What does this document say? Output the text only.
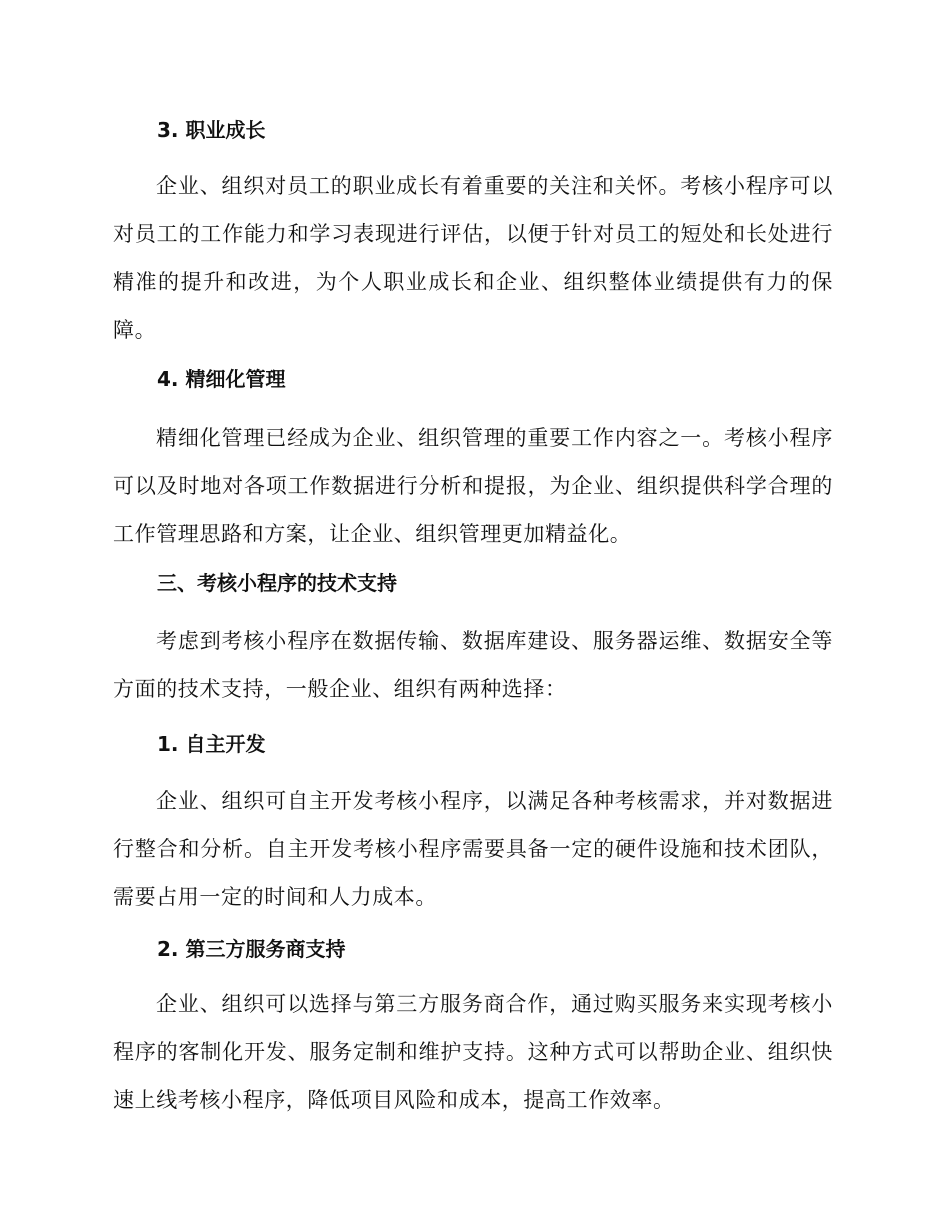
3. 职业成长

企业、组织对员工的职业成长有着重要的关注和关怀。考核小程序可以对员工的工作能力和学习表现进行评估，以便于针对员工的短处和长处进行精准的提升和改进，为个人职业成长和企业、组织整体业绩提供有力的保障。

4. 精细化管理

精细化管理已经成为企业、组织管理的重要工作内容之一。考核小程序可以及时地对各项工作数据进行分析和提报，为企业、组织提供科学合理的工作管理思路和方案，让企业、组织管理更加精益化。

三、考核小程序的技术支持

考虑到考核小程序在数据传输、数据库建设、服务器运维、数据安全等方面的技术支持，一般企业、组织有两种选择：

1. 自主开发

企业、组织可自主开发考核小程序，以满足各种考核需求，并对数据进行整合和分析。自主开发考核小程序需要具备一定的硬件设施和技术团队，需要占用一定的时间和人力成本。

2. 第三方服务商支持

企业、组织可以选择与第三方服务商合作，通过购买服务来实现考核小程序的客制化开发、服务定制和维护支持。这种方式可以帮助企业、组织快速上线考核小程序，降低项目风险和成本，提高工作效率。
